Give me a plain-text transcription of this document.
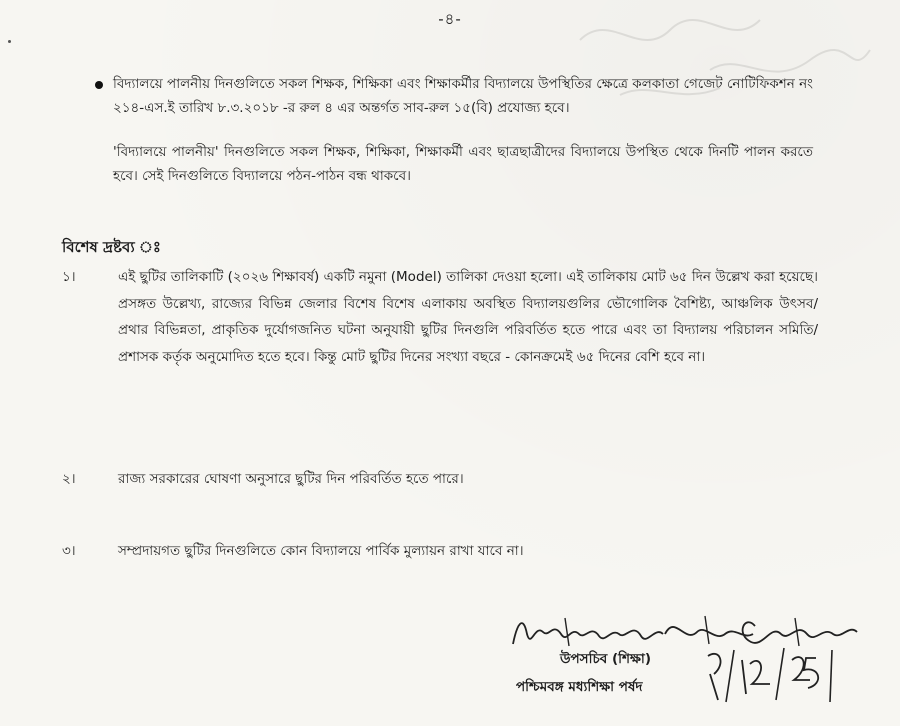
-৪-

বিদ্যালয়ে পালনীয় দিনগুলিতে সকল শিক্ষক, শিক্ষিকা এবং শিক্ষাকর্মীর বিদ্যালয়ে উপস্থিতির ক্ষেত্রে কলকাতা গেজেট নোটিফিকশন নং ২১৪-এস.ই তারিখ ৮.৩.২০১৮ -র রুল ৪ এর অন্তর্গত সাব-রুল ১৫(বি) প্রযোজ্য হবে।

'বিদ্যালয়ে পালনীয়' দিনগুলিতে সকল শিক্ষক, শিক্ষিকা, শিক্ষাকর্মী এবং ছাত্রছাত্রীদের বিদ্যালয়ে উপস্থিত থেকে দিনটি পালন করতে হবে। সেই দিনগুলিতে বিদ্যালয়ে পঠন-পাঠন বন্ধ থাকবে।

বিশেষ দ্রষ্টব্য ঃ
১।	এই ছুটির তালিকাটি (২০২৬ শিক্ষাবর্ষ) একটি নমুনা (Model) তালিকা দেওয়া হলো। এই তালিকায় মোট ৬৫ দিন উল্লেখ করা হয়েছে। প্রসঙ্গত উল্লেখ্য, রাজ্যের বিভিন্ন জেলার বিশেষ বিশেষ এলাকায় অবস্থিত বিদ্যালয়গুলির ভৌগোলিক বৈশিষ্ট্য, আঞ্চলিক উৎসব/প্রথার বিভিন্নতা, প্রাকৃতিক দুর্যোগজনিত ঘটনা অনুযায়ী ছুটির দিনগুলি পরিবর্তিত হতে পারে এবং তা বিদ্যালয় পরিচালন সমিতি/প্রশাসক কর্তৃক অনুমোদিত হতে হবে। কিন্তু মোট ছুটির দিনের সংখ্যা বছরে - কোনক্রমেই ৬৫ দিনের বেশি হবে না।

২।	রাজ্য সরকারের ঘোষণা অনুসারে ছুটির দিন পরিবর্তিত হতে পারে।

৩।	সম্প্রদায়গত ছুটির দিনগুলিতে কোন বিদ্যালয়ে পার্বিক মুল্যায়ন রাখা যাবে না।

উপসচিব (শিক্ষা)
পশ্চিমবঙ্গ মধ্যশিক্ষা পর্ষদ
